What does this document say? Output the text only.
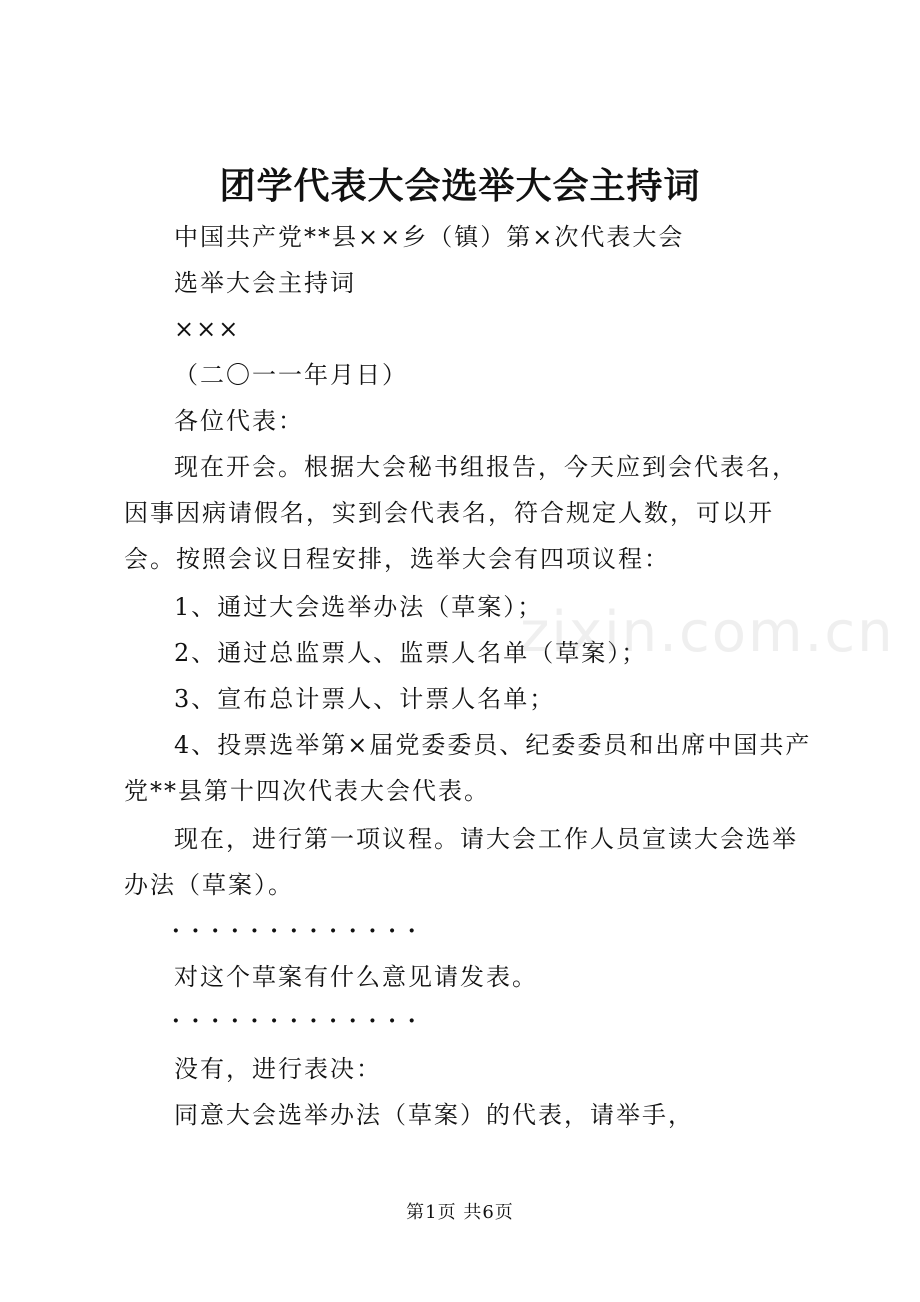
团学代表大会选举大会主持词

中国共产党**县××乡（镇）第×次代表大会

选举大会主持词

×××

（二〇一一年月日）

各位代表：

现在开会。根据大会秘书组报告，今天应到会代表名，因事因病请假名，实到会代表名，符合规定人数，可以开会。按照会议日程安排，选举大会有四项议程：

1、通过大会选举办法（草案）；

2、通过总监票人、监票人名单（草案）；

3、宣布总计票人、计票人名单；

4、投票选举第×届党委委员、纪委委员和出席中国共产党**县第十四次代表大会代表。

现在，进行第一项议程。请大会工作人员宣读大会选举办法（草案）。

·············

对这个草案有什么意见请发表。

·············

没有，进行表决：

同意大会选举办法（草案）的代表，请举手，

zixin.com.cn
第1页 共6页
